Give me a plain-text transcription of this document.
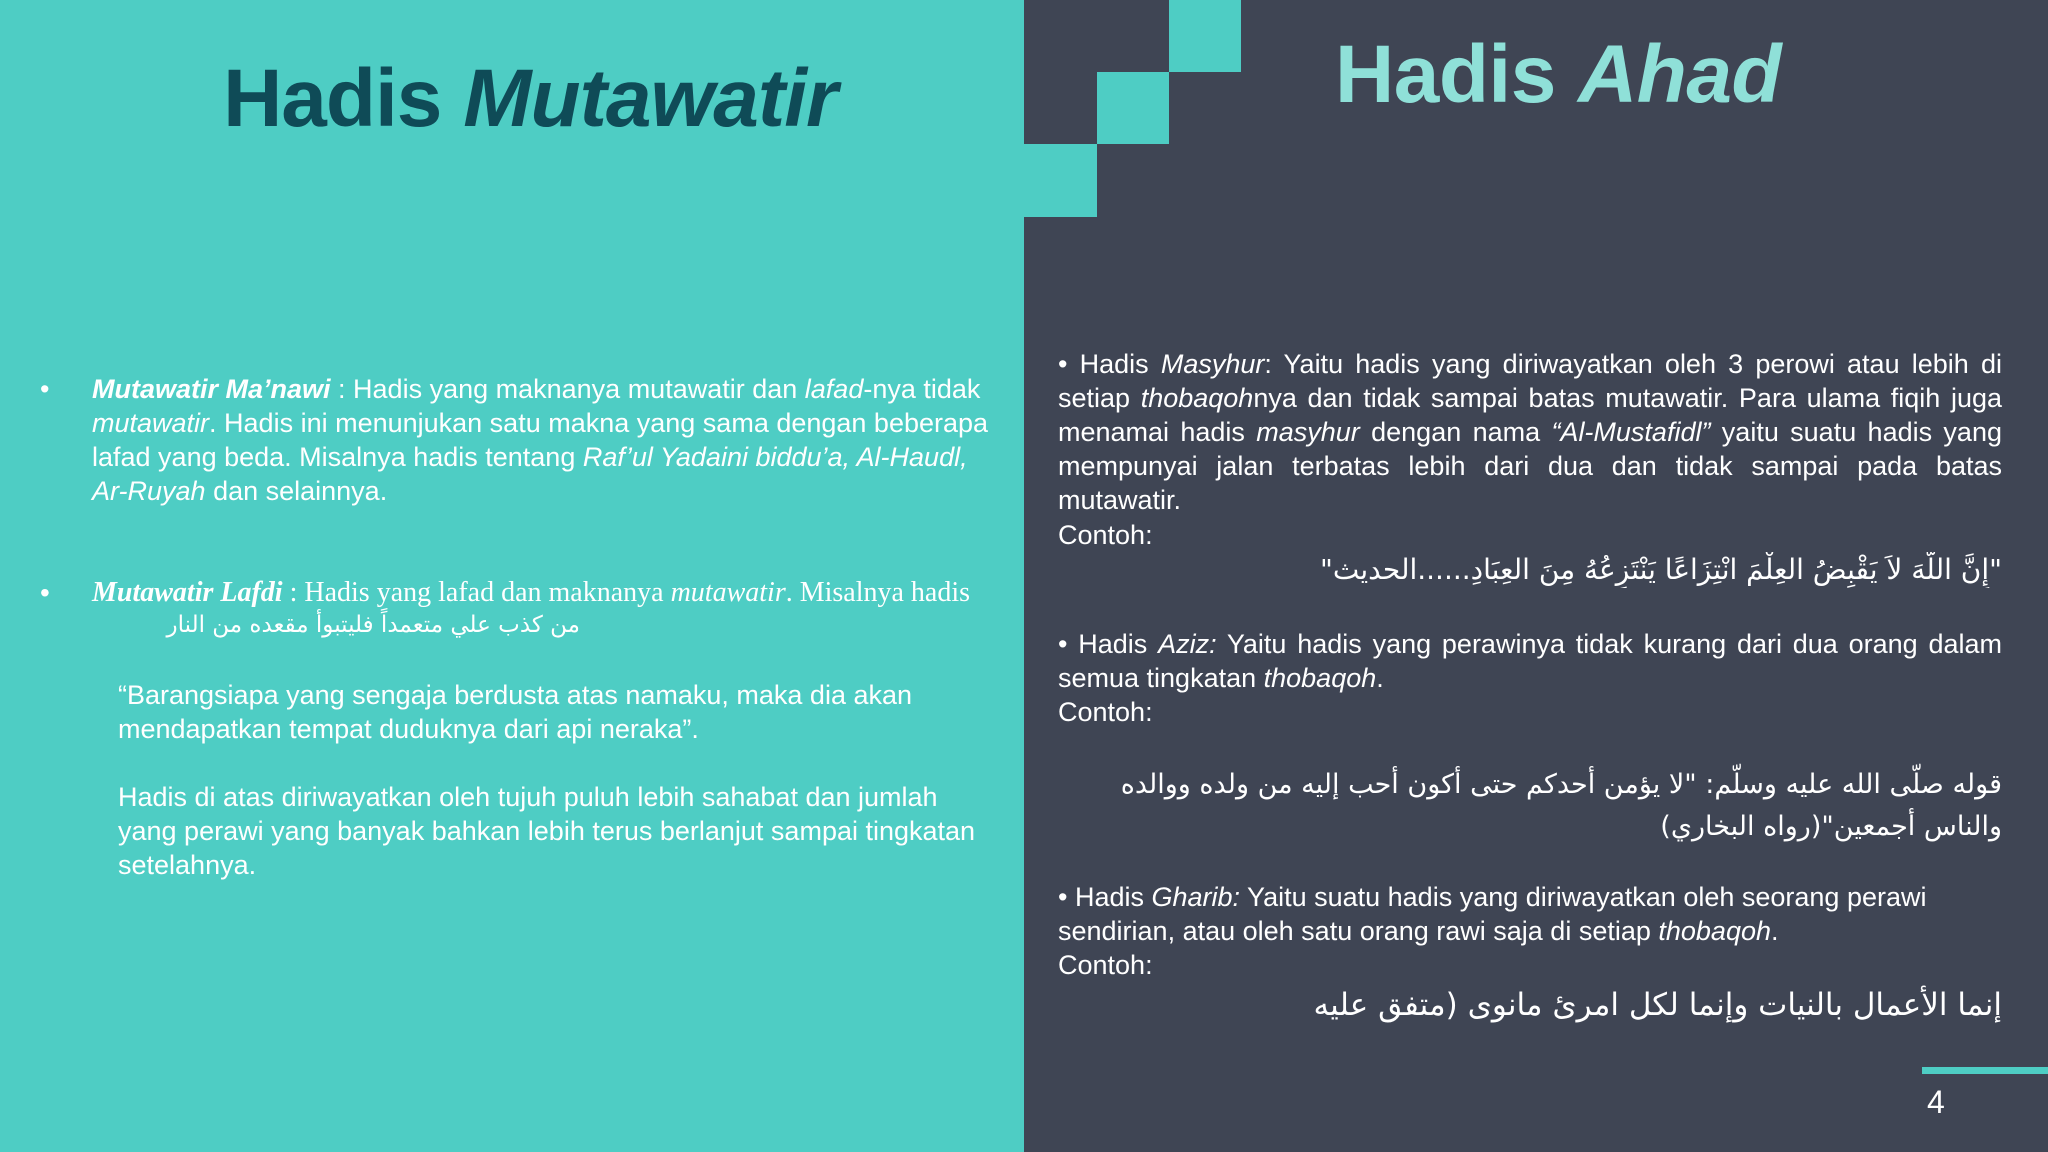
Hadis Mutawatir	Hadis Ahad
• Mutawatir Ma’nawi : Hadis yang maknanya mutawatir dan lafad-nya tidak mutawatir. Hadis ini menunjukan satu makna yang sama dengan beberapa lafad yang beda. Misalnya hadis tentang Raf’ul Yadaini biddu’a, Al-Haudl, Ar-Ruyah dan selainnya.
• Mutawatir Lafdi : Hadis yang lafad dan maknanya mutawatir. Misalnya hadis
من كذب علي متعمداً فليتبوأ مقعده من النار
“Barangsiapa yang sengaja berdusta atas namaku, maka dia akan mendapatkan tempat duduknya dari api neraka”.
Hadis di atas diriwayatkan oleh tujuh puluh lebih sahabat dan jumlah yang perawi yang banyak bahkan lebih terus berlanjut sampai tingkatan setelahnya.
• Hadis Masyhur: Yaitu hadis yang diriwayatkan oleh 3 perowi atau lebih di setiap thobaqohnya dan tidak sampai batas mutawatir. Para ulama fiqih juga menamai hadis masyhur dengan nama “Al-Mustafidl” yaitu suatu hadis yang mempunyai jalan terbatas lebih dari dua dan tidak sampai pada batas mutawatir.
Contoh:
"إِنَّ اللَّهَ لاَ يَقْبِضُ العِلْمَ انْتِزَاعًا يَنْتَزِعُهُ مِنَ العِبَادِ......الحديث"
• Hadis Aziz: Yaitu hadis yang perawinya tidak kurang dari dua orang dalam semua tingkatan thobaqoh.
Contoh:
قوله صلّى الله عليه وسلّم: "لا يؤمن أحدكم حتى أكون أحب إليه من ولده ووالده والناس أجمعين"(رواه البخاري)
• Hadis Gharib: Yaitu suatu hadis yang diriwayatkan oleh seorang perawi sendirian, atau oleh satu orang rawi saja di setiap thobaqoh.
Contoh:
إنما الأعمال بالنيات وإنما لكل امرئ مانوى (متفق عليه
4
